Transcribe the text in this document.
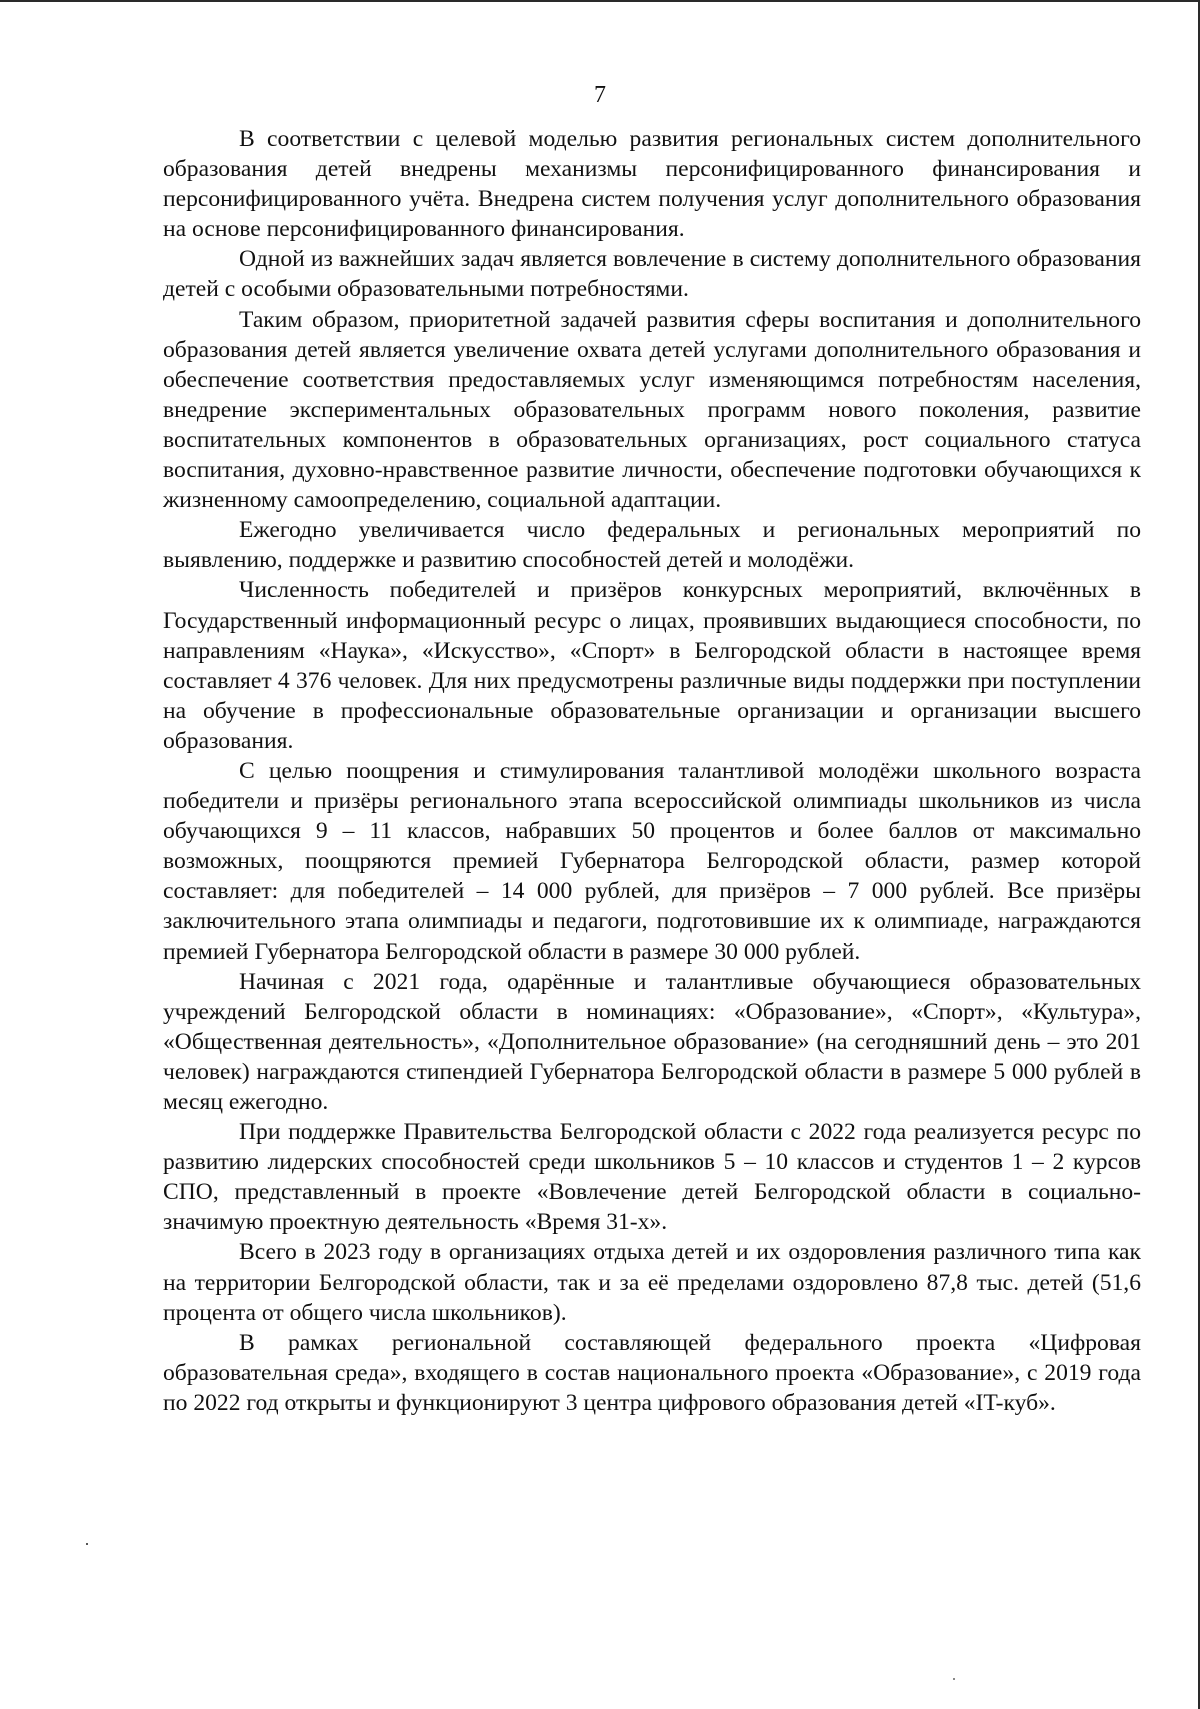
7

В соответствии с целевой моделью развития региональных систем дополнительного образования детей внедрены механизмы персонифицированного финансирования и персонифицированного учёта. Внедрена систем получения услуг дополнительного образования на основе персонифицированного финансирования.

Одной из важнейших задач является вовлечение в систему дополнительного образования детей с особыми образовательными потребностями.

Таким образом, приоритетной задачей развития сферы воспитания и дополнительного образования детей является увеличение охвата детей услугами дополнительного образования и обеспечение соответствия предоставляемых услуг изменяющимся потребностям населения, внедрение экспериментальных образовательных программ нового поколения, развитие воспитательных компонентов в образовательных организациях, рост социального статуса воспитания, духовно-нравственное развитие личности, обеспечение подготовки обучающихся к жизненному самоопределению, социальной адаптации.

Ежегодно увеличивается число федеральных и региональных мероприятий по выявлению, поддержке и развитию способностей детей и молодёжи.

Численность победителей и призёров конкурсных мероприятий, включённых в Государственный информационный ресурс о лицах, проявивших выдающиеся способности, по направлениям «Наука», «Искусство», «Спорт» в Белгородской области в настоящее время составляет 4 376 человек. Для них предусмотрены различные виды поддержки при поступлении на обучение в профессиональные образовательные организации и организации высшего образования.

С целью поощрения и стимулирования талантливой молодёжи школьного возраста победители и призёры регионального этапа всероссийской олимпиады школьников из числа обучающихся 9 – 11 классов, набравших 50 процентов и более баллов от максимально возможных, поощряются премией Губернатора Белгородской области, размер которой составляет: для победителей – 14 000 рублей, для призёров – 7 000 рублей. Все призёры заключительного этапа олимпиады и педагоги, подготовившие их к олимпиаде, награждаются премией Губернатора Белгородской области в размере 30 000 рублей.

Начиная с 2021 года, одарённые и талантливые обучающиеся образовательных учреждений Белгородской области в номинациях: «Образование», «Спорт», «Культура», «Общественная деятельность», «Дополнительное образование» (на сегодняшний день – это 201 человек) награждаются стипендией Губернатора Белгородской области в размере 5 000 рублей в месяц ежегодно.

При поддержке Правительства Белгородской области с 2022 года реализуется ресурс по развитию лидерских способностей среди школьников 5 – 10 классов и студентов 1 – 2 курсов СПО, представленный в проекте «Вовлечение детей Белгородской области в социально-значимую проектную деятельность «Время 31-х».

Всего в 2023 году в организациях отдыха детей и их оздоровления различного типа как на территории Белгородской области, так и за её пределами оздоровлено 87,8 тыс. детей (51,6 процента от общего числа школьников).

В рамках региональной составляющей федерального проекта «Цифровая образовательная среда», входящего в состав национального проекта «Образование», с 2019 года по 2022 год открыты и функционируют 3 центра цифрового образования детей «IT-куб».
